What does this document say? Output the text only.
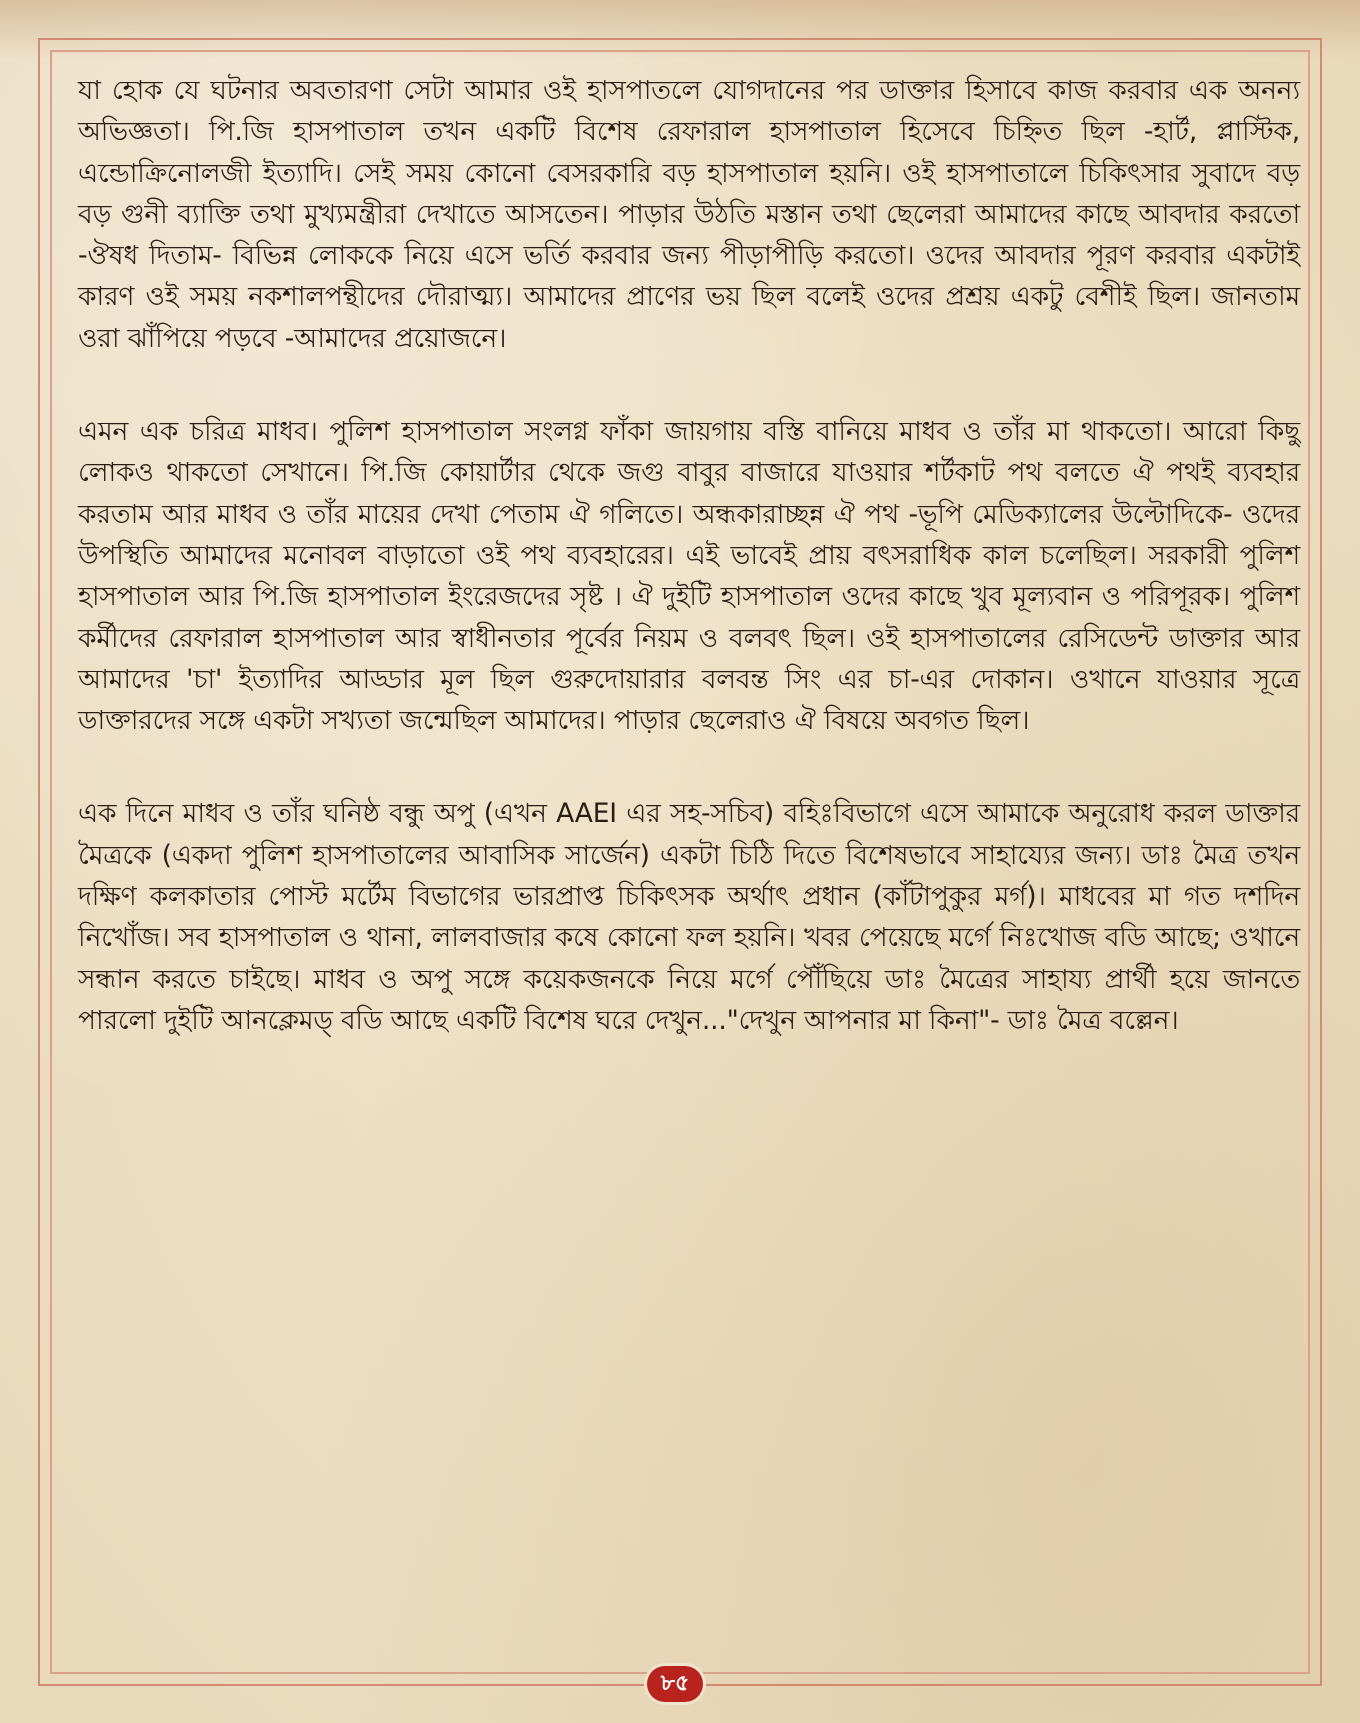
যা হোক যে ঘটনার অবতারণা সেটা আমার ওই হাসপাতলে যোগদানের পর ডাক্তার হিসাবে কাজ করবার এক অনন্য অভিজ্ঞতা। পি.জি হাসপাতাল তখন একটি বিশেষ রেফারাল হাসপাতাল হিসেবে চিহ্নিত ছিল -হার্ট, প্লাস্টিক, এন্ডোক্রিনোলজী ইত্যাদি। সেই সময় কোনো বেসরকারি বড় হাসপাতাল হয়নি। ওই হাসপাতালে চিকিৎসার সুবাদে বড় বড় গুনী ব্যাক্তি তথা মুখ্যমন্ত্রীরা দেখাতে আসতেন। পাড়ার উঠতি মস্তান তথা ছেলেরা আমাদের কাছে আবদার করতো -ঔষধ দিতাম- বিভিন্ন লোককে নিয়ে এসে ভর্তি করবার জন্য পীড়াপীড়ি করতো। ওদের আবদার পূরণ করবার একটাই কারণ ওই সময় নকশালপন্থীদের দৌরাত্ম্য। আমাদের প্রাণের ভয় ছিল বলেই ওদের প্রশ্রয় একটু বেশীই ছিল। জানতাম ওরা ঝাঁপিয়ে পড়বে -আমাদের প্রয়োজনে।

এমন এক চরিত্র মাধব। পুলিশ হাসপাতাল সংলগ্ন ফাঁকা জায়গায় বস্তি বানিয়ে মাধব ও তাঁর মা থাকতো। আরো কিছু লোকও থাকতো সেখানে। পি.জি কোয়ার্টার থেকে জগু বাবুর বাজারে যাওয়ার শর্টকাট পথ বলতে ঐ পথই ব্যবহার করতাম আর মাধব ও তাঁর মায়ের দেখা পেতাম ঐ গলিতে। অন্ধকারাচ্ছন্ন ঐ পথ -ভূপি মেডিক্যালের উল্টোদিকে- ওদের উপস্থিতি আমাদের মনোবল বাড়াতো ওই পথ ব্যবহারের। এই ভাবেই প্রায় বৎসরাধিক কাল চলেছিল। সরকারী পুলিশ হাসপাতাল আর পি.জি হাসপাতাল ইংরেজদের সৃষ্ট । ঐ দুইটি হাসপাতাল ওদের কাছে খুব মূল্যবান ও পরিপূরক। পুলিশ কর্মীদের রেফারাল হাসপাতাল আর স্বাধীনতার পূর্বের নিয়ম ও বলবৎ ছিল। ওই হাসপাতালের রেসিডেন্ট ডাক্তার আর আমাদের 'চা' ইত্যাদির আড্ডার মূল ছিল গুরুদোয়ারার বলবন্ত সিং এর চা-এর দোকান। ওখানে যাওয়ার সূত্রে ডাক্তারদের সঙ্গে একটা সখ্যতা জন্মেছিল আমাদের। পাড়ার ছেলেরাও ঐ বিষয়ে অবগত ছিল।

এক দিনে মাধব ও তাঁর ঘনিষ্ঠ বন্ধু অপু (এখন AAEI এর সহ-সচিব) বহিঃবিভাগে এসে আমাকে অনুরোধ করল ডাক্তার মৈত্রকে (একদা পুলিশ হাসপাতালের আবাসিক সার্জেন) একটা চিঠি দিতে বিশেষভাবে সাহায্যের জন্য। ডাঃ মৈত্র তখন দক্ষিণ কলকাতার পোস্ট মর্টেম বিভাগের ভারপ্রাপ্ত চিকিৎসক অর্থাৎ প্রধান (কাঁটাপুকুর মর্গ)। মাধবের মা গত দশদিন নিখোঁজ। সব হাসপাতাল ও থানা, লালবাজার কষে কোনো ফল হয়নি। খবর পেয়েছে মর্গে নিঃখোজ বডি আছে; ওখানে সন্ধান করতে চাইছে। মাধব ও অপু সঙ্গে কয়েকজনকে নিয়ে মর্গে পৌঁছিয়ে ডাঃ মৈত্রের সাহায্য প্রার্থী হয়ে জানতে পারলো দুইটি আনক্লেমড্ বডি আছে একটি বিশেষ ঘরে দেখুন..."দেখুন আপনার মা কিনা"- ডাঃ মৈত্র বল্লেন।

৮৫
